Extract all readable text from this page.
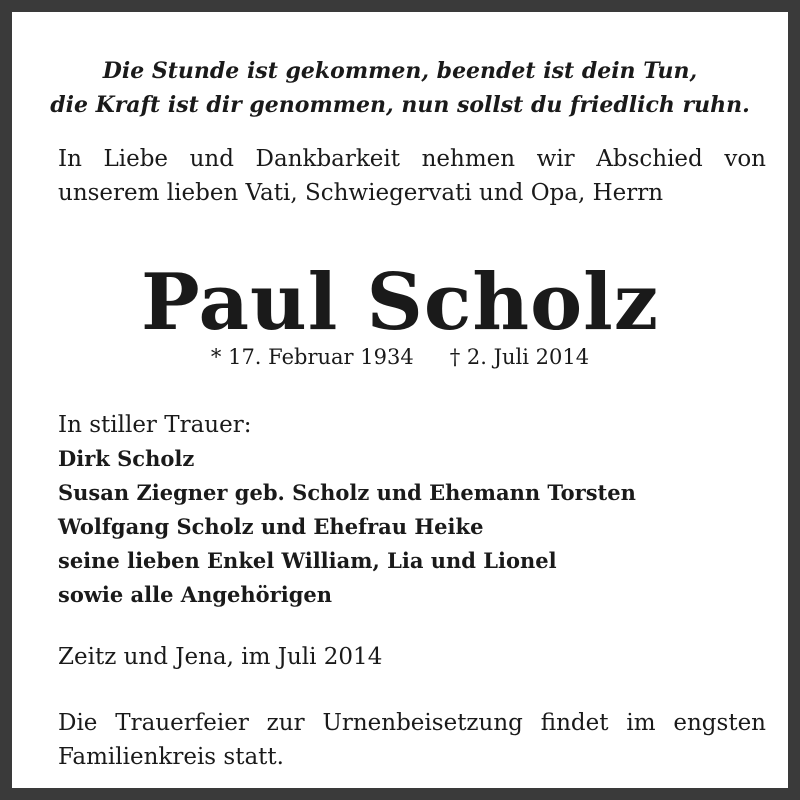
Die Stunde ist gekommen, beendet ist dein Tun,
die Kraft ist dir genommen, nun sollst du friedlich ruhn.
In Liebe und Dankbarkeit nehmen wir Abschied von
unserem lieben Vati, Schwiegervati und Opa, Herrn
Paul Scholz
* 17. Februar 1934 † 2. Juli 2014
In stiller Trauer:
Dirk Scholz
Susan Ziegner geb. Scholz und Ehemann Torsten
Wolfgang Scholz und Ehefrau Heike
seine lieben Enkel William, Lia und Lionel
sowie alle Angehörigen
Zeitz und Jena, im Juli 2014
Die Trauerfeier zur Urnenbeisetzung findet im engsten
Familienkreis statt.
